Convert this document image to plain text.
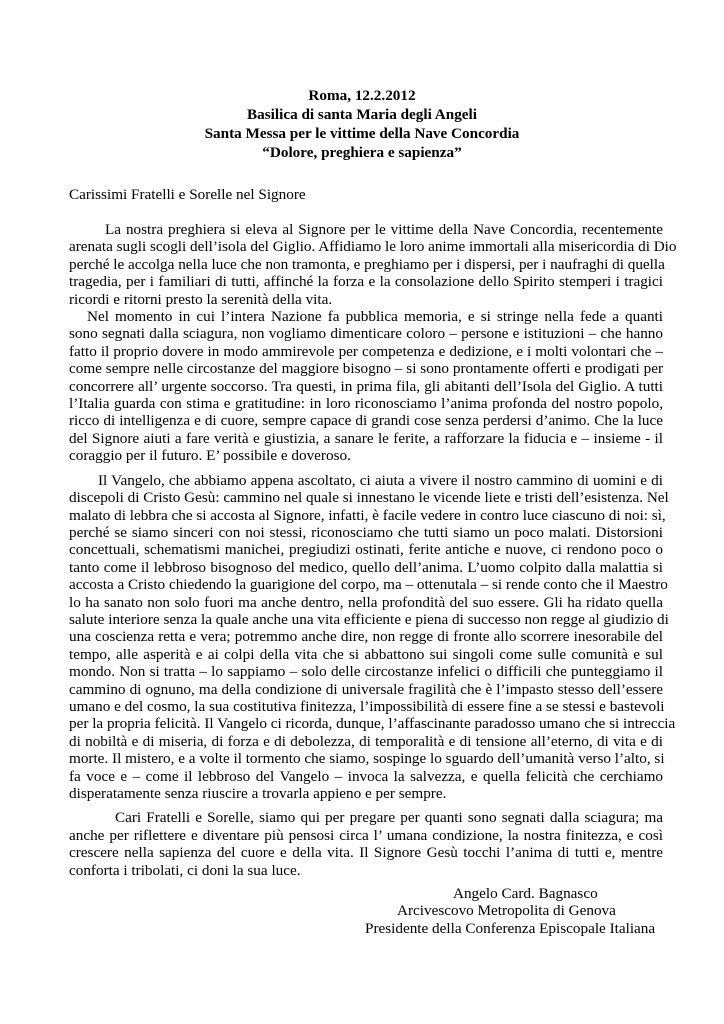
Roma, 12.2.2012
Basilica di santa Maria degli Angeli
Santa Messa per le vittime della Nave Concordia
“Dolore, preghiera e sapienza”
Carissimi Fratelli e Sorelle nel Signore

La nostra preghiera si eleva al Signore per le vittime della Nave Concordia, recentemente
arenata sugli scogli dell’isola del Giglio. Affidiamo le loro anime immortali alla misericordia di Dio
perché le accolga nella luce che non tramonta, e preghiamo per i dispersi, per i naufraghi di quella
tragedia, per i familiari di tutti, affinché la forza e la consolazione dello Spirito stemperi i tragici
ricordi e ritorni presto la serenità della vita.

Nel momento in cui l’intera Nazione fa pubblica memoria, e si stringe nella fede a quanti
sono segnati dalla sciagura, non vogliamo dimenticare coloro – persone e istituzioni – che hanno
fatto il proprio dovere in modo ammirevole per competenza e dedizione, e i molti volontari che –
come sempre nelle circostanze del maggiore bisogno – si sono prontamente offerti e prodigati per
concorrere all’ urgente soccorso. Tra questi, in prima fila, gli abitanti dell’Isola del Giglio. A tutti
l’Italia guarda con stima e gratitudine: in loro riconosciamo l’anima profonda del nostro popolo,
ricco di intelligenza e di cuore, sempre capace di grandi cose senza perdersi d’animo. Che la luce
del Signore aiuti a fare verità e giustizia, a sanare le ferite, a rafforzare la fiducia e – insieme - il
coraggio per il futuro. E’ possibile e doveroso.

Il Vangelo, che abbiamo appena ascoltato, ci aiuta a vivere il nostro cammino di uomini e di
discepoli di Cristo Gesù: cammino nel quale si innestano le vicende liete e tristi dell’esistenza. Nel
malato di lebbra che si accosta al Signore, infatti, è facile vedere in contro luce ciascuno di noi: sì,
perché se siamo sinceri con noi stessi, riconosciamo che tutti siamo un poco malati. Distorsioni
concettuali, schematismi manichei, pregiudizi ostinati, ferite antiche e nuove, ci rendono poco o
tanto come il lebbroso bisognoso del medico, quello dell’anima. L’uomo colpito dalla malattia si
accosta a Cristo chiedendo la guarigione del corpo, ma – ottenutala – si rende conto che il Maestro
lo ha sanato non solo fuori ma anche dentro, nella profondità del suo essere. Gli ha ridato quella
salute interiore senza la quale anche una vita efficiente e piena di successo non regge al giudizio di
una coscienza retta e vera; potremmo anche dire, non regge di fronte allo scorrere inesorabile del
tempo, alle asperità e ai colpi della vita che si abbattono sui singoli come sulle comunità e sul
mondo. Non si tratta – lo sappiamo – solo delle circostanze infelici o difficili che punteggiamo il
cammino di ognuno, ma della condizione di universale fragilità che è l’impasto stesso dell’essere
umano e del cosmo, la sua costitutiva finitezza, l’impossibilità di essere fine a se stessi e bastevoli
per la propria felicità. Il Vangelo ci ricorda, dunque, l’affascinante paradosso umano che si intreccia
di nobiltà e di miseria, di forza e di debolezza, di temporalità e di tensione all’eterno, di vita e di
morte. Il mistero, e a volte il tormento che siamo, sospinge lo sguardo dell’umanità verso l’alto, si
fa voce e – come il lebbroso del Vangelo – invoca la salvezza, e quella felicità che cerchiamo
disperatamente senza riuscire a trovarla appieno e per sempre.

Cari Fratelli e Sorelle, siamo qui per pregare per quanti sono segnati dalla sciagura; ma
anche per riflettere e diventare più pensosi circa l’ umana condizione, la nostra finitezza, e così
crescere nella sapienza del cuore e della vita. Il Signore Gesù tocchi l’anima di tutti e, mentre
conforta i tribolati, ci doni la sua luce.

Angelo Card. Bagnasco
Arcivescovo Metropolita di Genova
Presidente della Conferenza Episcopale Italiana
